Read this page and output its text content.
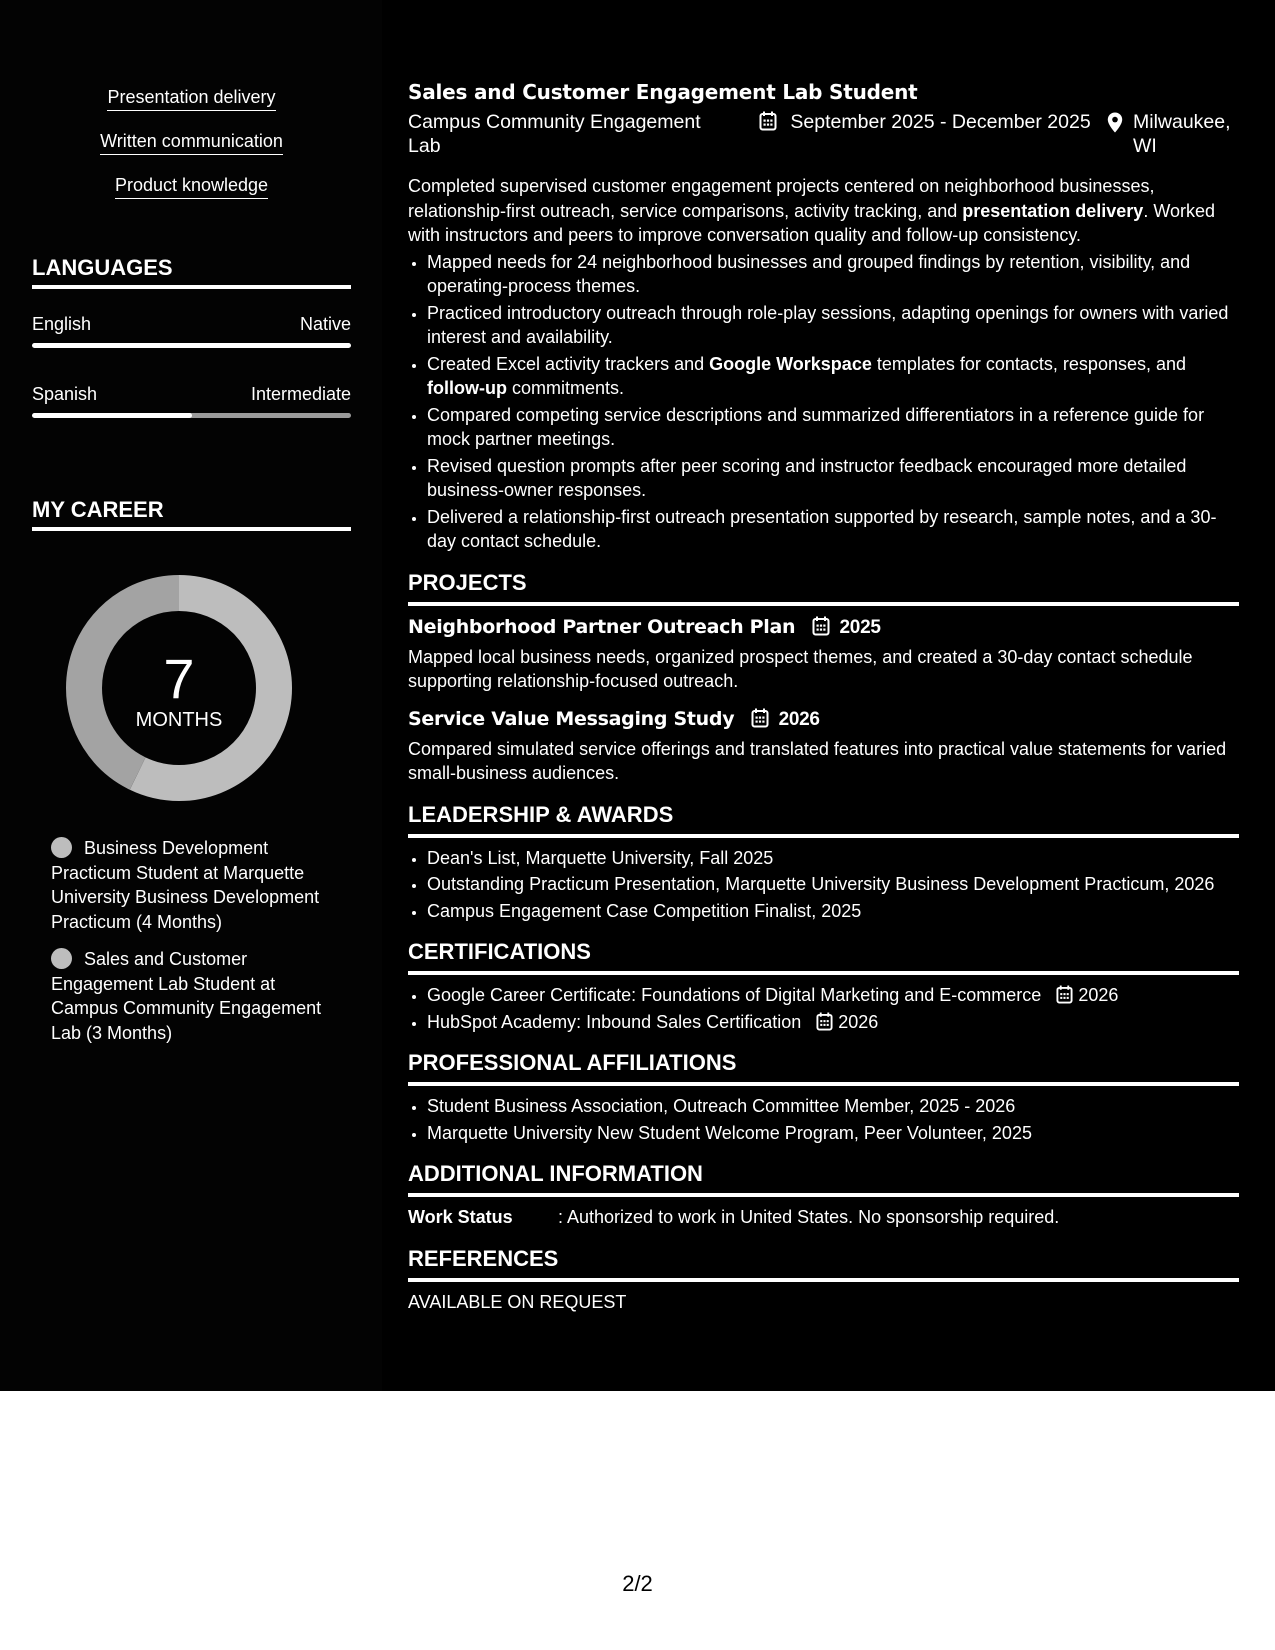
Presentation delivery
Written communication
Product knowledge
LANGUAGES
English	Native
Spanish	Intermediate
MY CAREER
7
MONTHS
Business Development Practicum Student at Marquette University Business Development Practicum (4 Months)
Sales and Customer Engagement Lab Student at Campus Community Engagement Lab (3 Months)
Sales and Customer Engagement Lab Student
Campus Community Engagement Lab
September 2025 - December 2025	Milwaukee, WI

Completed supervised customer engagement projects centered on neighborhood businesses, relationship-first outreach, service comparisons, activity tracking, and presentation delivery. Worked with instructors and peers to improve conversation quality and follow-up consistency.

• Mapped needs for 24 neighborhood businesses and grouped findings by retention, visibility, and operating-process themes.
• Practiced introductory outreach through role-play sessions, adapting openings for owners with varied interest and availability.
• Created Excel activity trackers and Google Workspace templates for contacts, responses, and follow-up commitments.
• Compared competing service descriptions and summarized differentiators in a reference guide for mock partner meetings.
• Revised question prompts after peer scoring and instructor feedback encouraged more detailed business-owner responses.
• Delivered a relationship-first outreach presentation supported by research, sample notes, and a 30-day contact schedule.
PROJECTS
Neighborhood Partner Outreach Plan 2025

Mapped local business needs, organized prospect themes, and created a 30-day contact schedule supporting relationship-focused outreach.

Service Value Messaging Study 2026

Compared simulated service offerings and translated features into practical value statements for varied small-business audiences.

LEADERSHIP & AWARDS
• Dean's List, Marquette University, Fall 2025
• Outstanding Practicum Presentation, Marquette University Business Development Practicum, 2026
• Campus Engagement Case Competition Finalist, 2025
CERTIFICATIONS
• Google Career Certificate: Foundations of Digital Marketing and E-commerce 2026
• HubSpot Academy: Inbound Sales Certification 2026
PROFESSIONAL AFFILIATIONS
• Student Business Association, Outreach Committee Member, 2025 - 2026
• Marquette University New Student Welcome Program, Peer Volunteer, 2025
ADDITIONAL INFORMATION
Work Status	: Authorized to work in United States. No sponsorship required.
REFERENCES
AVAILABLE ON REQUEST
2/2
